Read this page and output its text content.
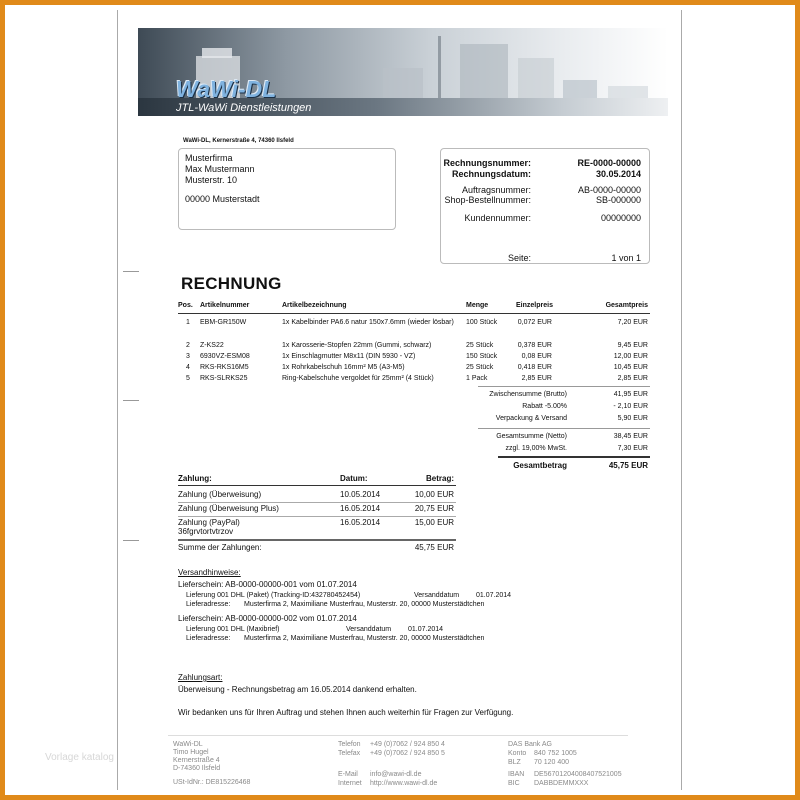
Vorlage katalog
WaWi-DL
JTL-WaWi Dienstleistungen
WaWi-DL, Kernerstraße 4, 74360 Ilsfeld
Musterfirma
Max Mustermann
Musterstr. 10
00000 Musterstadt
Rechnungsnummer:	RE-0000-00000
Rechnungsdatum:	30.05.2014
Auftragsnummer:	AB-0000-00000
Shop-Bestellnummer:	SB-000000
Kundennummer:	00000000
Seite:	1 von 1
RECHNUNG
Pos. Artikelnummer	Artikelbezeichnung	Menge	Einzelpreis	Gesamtpreis
1 EBM-GR150W	1x Kabelbinder PA6.6 natur 150x7.6mm (wieder lösbar)	100 Stück	0,072 EUR	7,20 EUR
2 Z-KS22	1x Karosserie-Stopfen 22mm (Gummi, schwarz)	25 Stück	0,378 EUR	9,45 EUR
3 6930VZ-ESM08	1x Einschlagmutter M8x11 (DIN 5930 - VZ)	150 Stück	0,08 EUR	12,00 EUR
4 RKS-RKS16M5	1x Rohrkabelschuh 16mm² M5 (A3-M5)	25 Stück	0,418 EUR	10,45 EUR
5 RKS-SLRKS25	Ring-Kabelschuhe vergoldet für 25mm² (4 Stück)	1 Pack	2,85 EUR	2,85 EUR
Zwischensumme (Brutto)	41,95 EUR
Rabatt -5.00%	- 2,10 EUR
Verpackung & Versand	5,90 EUR
Gesamtsumme (Netto)	38,45 EUR
zzgl. 19,00% MwSt.	7,30 EUR
Gesamtbetrag	45,75 EUR
Zahlung:	Datum:	Betrag:
Zahlung (Überweisung)	10.05.2014	10,00 EUR
Zahlung (Überweisung Plus)	16.05.2014	20,75 EUR
Zahlung (PayPal)
36fgrvtortvtrzov
16.05.2014	15,00 EUR
Summe der Zahlungen:	45,75 EUR
Versandhinweise:
Lieferschein: AB-0000-00000-001 vom 01.07.2014
Lieferung 001 DHL (Paket) (Tracking-ID:432780452454)	Versanddatum 01.07.2014
Lieferadresse: Musterfirma 2, Maximiliane Musterfrau, Musterstr. 20, 00000 Musterstädtchen
Lieferschein: AB-0000-00000-002 vom 01.07.2014
Lieferung 001 DHL (Maxibrief)	Versanddatum 01.07.2014
Lieferadresse: Musterfirma 2, Maximiliane Musterfrau, Musterstr. 20, 00000 Musterstädtchen
Zahlungsart:
Überweisung - Rechnungsbetrag am 16.05.2014 dankend erhalten.
Wir bedanken uns für Ihren Auftrag und stehen Ihnen auch weiterhin für Fragen zur Verfügung.
WaWi-DL
Timo Hugel
Kernerstraße 4
D-74360 Ilsfeld
USt-IdNr.: DE815226468
Telefon +49 (0)7062 / 924 850 4
Telefax +49 (0)7062 / 924 850 5
E-Mail info@wawi-dl.de
Internet http://www.wawi-dl.de
DAS Bank AG
Konto 840 752 1005
BLZ 70 120 400
IBAN DE56701204008407521005
BIC DABBDEMMXXX
